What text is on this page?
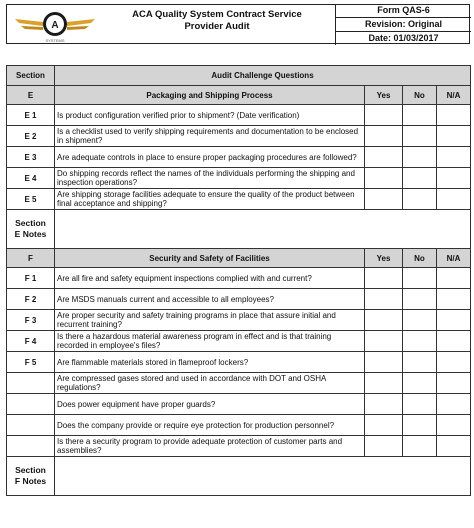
A
SYSTEMS
ACA Quality System Contract Service
Provider Audit
Form QAS-6
Revision: Original
Date: 01/03/2017
Section	Audit Challenge Questions			
E	Packaging and Shipping Process	Yes	No	N/A
E 1	Is product configuration verified prior to shipment? (Date verification)			
E 2	Is a checklist used to verify shipping requirements and documentation to be enclosed in shipment?			
E 3	Are adequate controls in place to ensure proper packaging procedures are followed?			
E 4	Do shipping records reflect the names of the individuals performing the shipping and inspection operations?			
E 5	Are shipping storage facilities adequate to ensure the quality of the product between final acceptance and shipping?			
Section
E Notes				
F	Security and Safety of Facilities	Yes	No	N/A
F 1	Are all fire and safety equipment inspections complied with and current?			
F 2	Are MSDS manuals current and accessible to all employees?			
F 3	Are proper security and safety training programs in place that assure initial and recurrent training?			
F 4	Is there a hazardous material awareness program in effect and is that training recorded in employee's files?			
F 5	Are flammable materials stored in flameproof lockers?			
	Are compressed gases stored and used in accordance with DOT and OSHA regulations?			
	Does power equipment have proper guards?			
	Does the company provide or require eye protection for production personnel?			
	Is there a security program to provide adequate protection of customer parts and assemblies?			
Section
F Notes				
